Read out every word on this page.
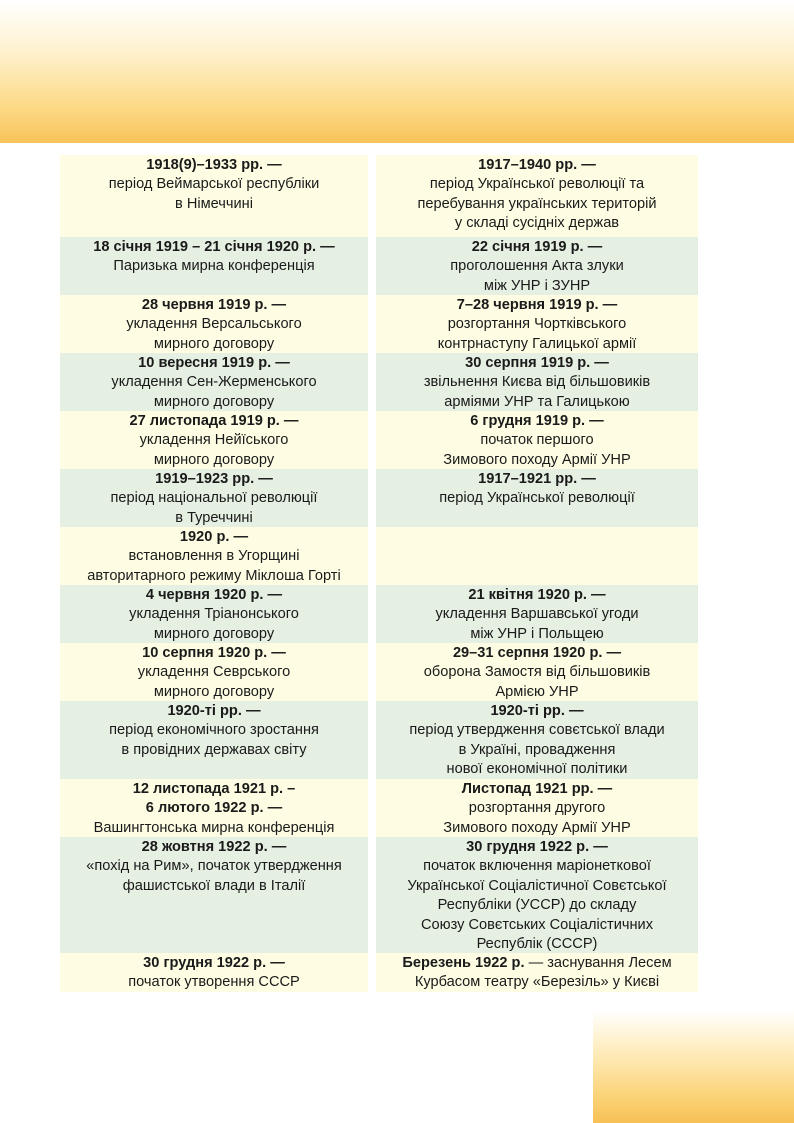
1918(9)–1933 рр. —
період Веймарської республіки
в Німеччині
1917–1940 рр. —
період Української революції та
перебування українських територій
у складі сусідніх держав
18 січня 1919 – 21 січня 1920 р. —
Паризька мирна конференція
22 січня 1919 р. —
проголошення Акта злуки
між УНР і ЗУНР
28 червня 1919 р. —
укладення Версальського
мирного договору
7–28 червня 1919 р. —
розгортання Чортківського
контрнаступу Галицької армії
10 вересня 1919 р. —
укладення Сен-Жерменського
мирного договору
30 серпня 1919 р. —
звільнення Києва від більшовиків
арміями УНР та Галицькою
27 листопада 1919 р. —
укладення Нейїського
мирного договору
6 грудня 1919 р. —
початок першого
Зимового походу Армії УНР
1919–1923 рр. —
період національної революції
в Туреччині
1917–1921 рр. —
період Української революції
1920 р. —
встановлення в Угорщині
авторитарного режиму Міклоша Горті
4 червня 1920 р. —
укладення Тріанонського
мирного договору
21 квітня 1920 р. —
укладення Варшавської угоди
між УНР і Польщею
10 серпня 1920 р. —
укладення Севрського
мирного договору
29–31 серпня 1920 р. —
оборона Замостя від більшовиків
Армією УНР
1920-ті рр. —
період економічного зростання
в провідних державах світу
1920-ті рр. —
період утвердження совєтської влади
в Україні, провадження
нової економічної політики
12 листопада 1921 р. –
6 лютого 1922 р. —
Вашингтонська мирна конференція
Листопад 1921 рр. —
розгортання другого
Зимового походу Армії УНР
28 жовтня 1922 р. —
«похід на Рим», початок утвердження
фашистської влади в Італії
30 грудня 1922 р. —
початок включення маріонеткової
Української Соціалістичної Совєтської
Республіки (УССР) до складу
Союзу Совєтських Соціалістичних
Республік (СССР)
30 грудня 1922 р. —
початок утворення СССР
Березень 1922 р. — заснування Лесем
Курбасом театру «Березіль» у Києві
